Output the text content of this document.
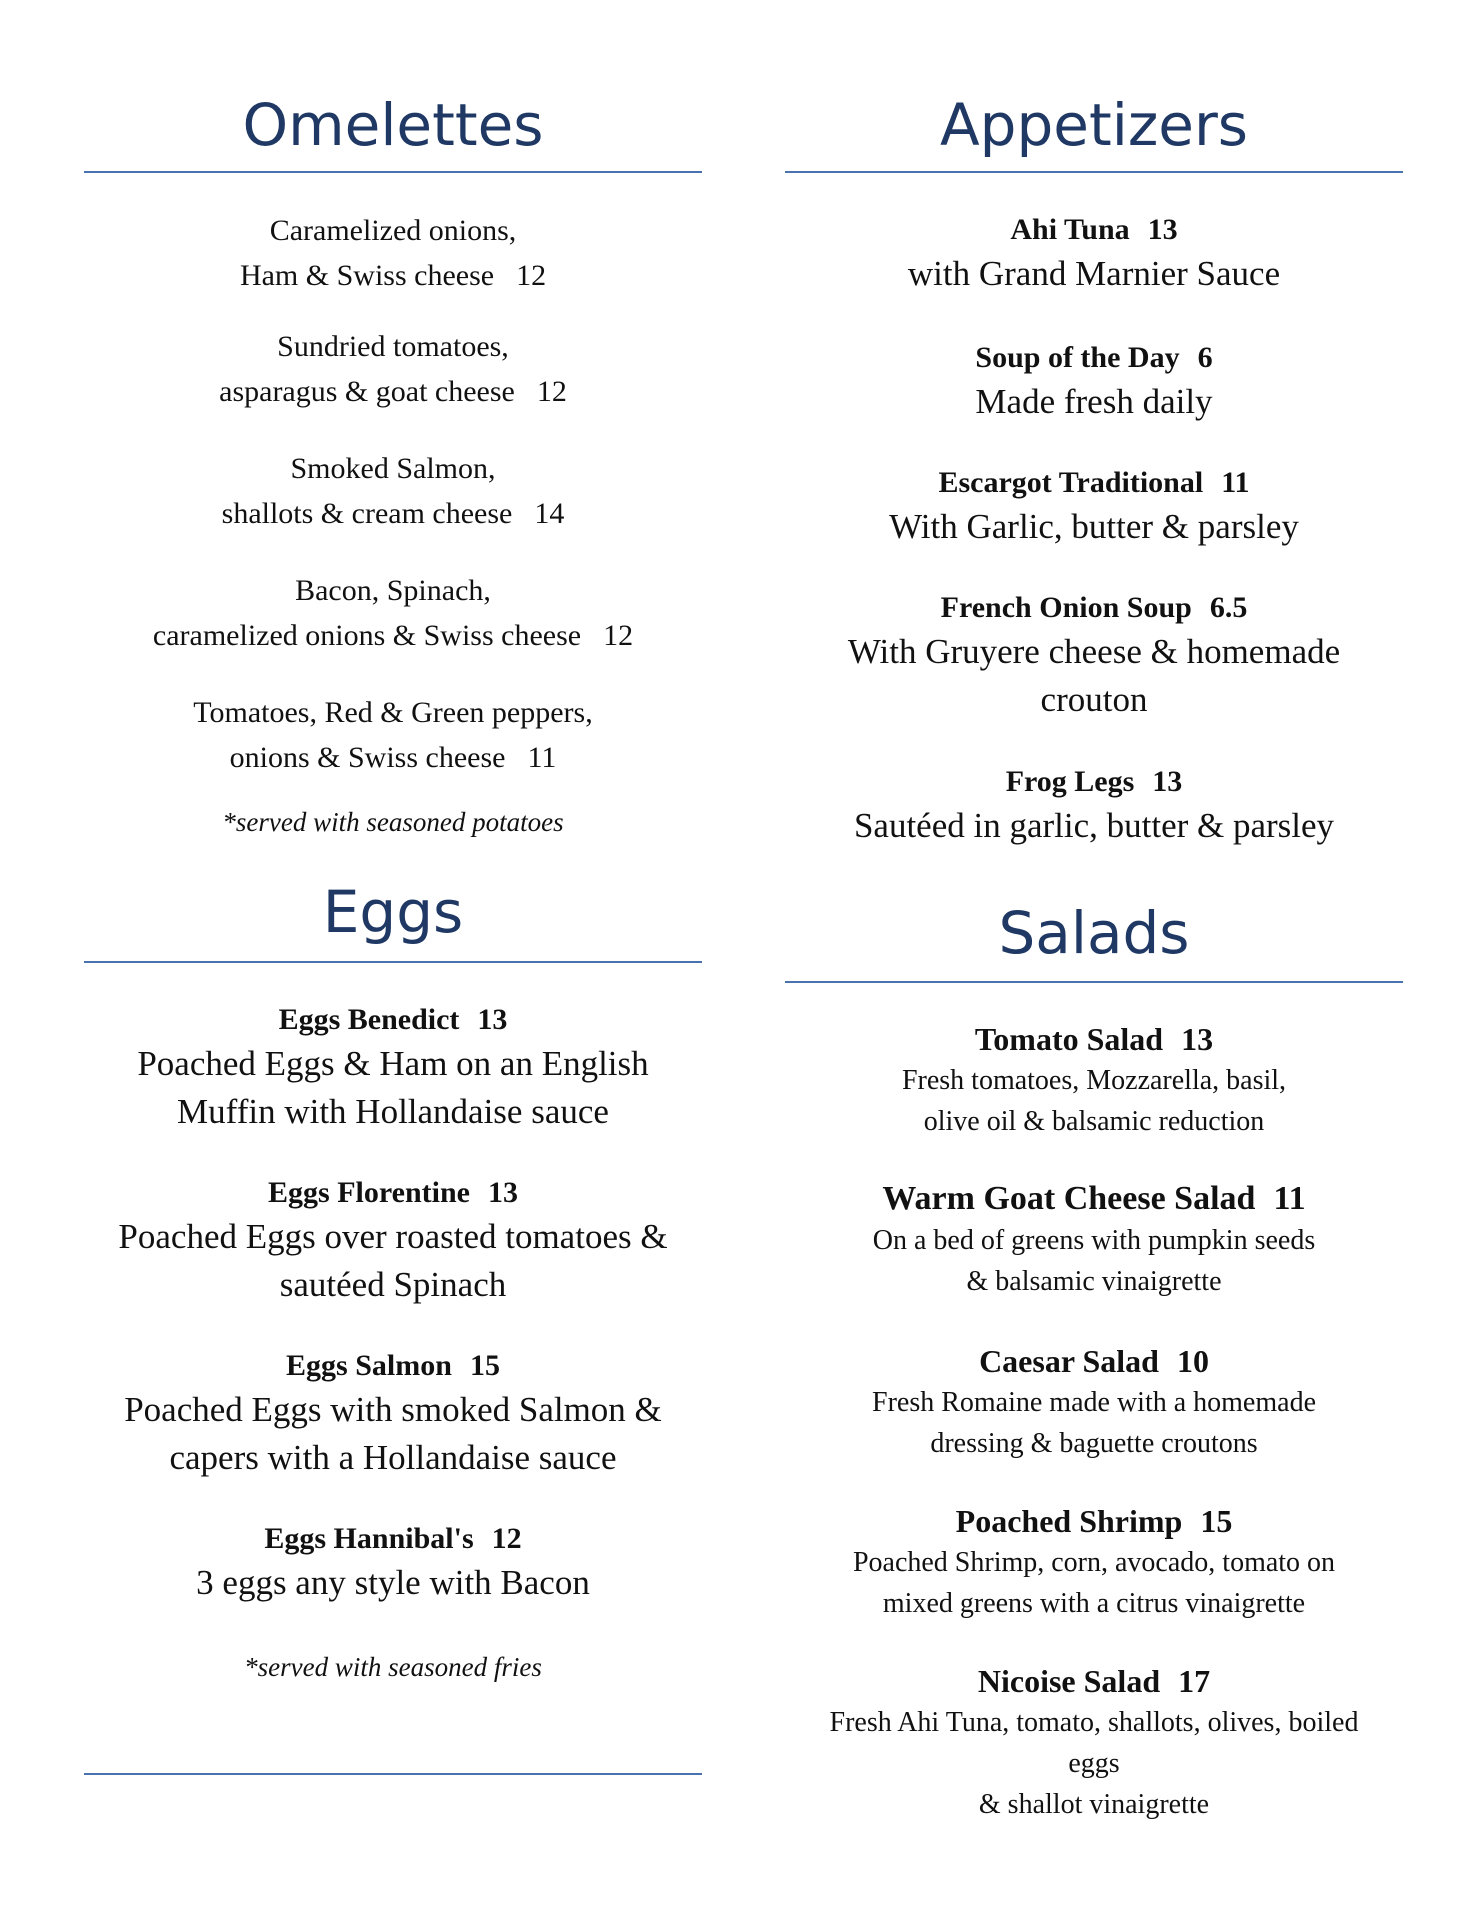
Omelettes
Caramelized onions,
Ham & Swiss cheese 12
Sundried tomatoes,
asparagus & goat cheese 12
Smoked Salmon,
shallots & cream cheese 14
Bacon, Spinach,
caramelized onions & Swiss cheese 12
Tomatoes, Red & Green peppers,
onions & Swiss cheese 11
*served with seasoned potatoes
Eggs
Eggs Benedict 13
Poached Eggs & Ham on an English
Muffin with Hollandaise sauce
Eggs Florentine 13
Poached Eggs over roasted tomatoes &
sautéed Spinach
Eggs Salmon 15
Poached Eggs with smoked Salmon &
capers with a Hollandaise sauce
Eggs Hannibal's 12
3 eggs any style with Bacon
*served with seasoned fries
Appetizers
Ahi Tuna 13
with Grand Marnier Sauce
Soup of the Day 6
Made fresh daily
Escargot Traditional 11
With Garlic, butter & parsley
French Onion Soup 6.5
With Gruyere cheese & homemade
crouton
Frog Legs 13
Sautéed in garlic, butter & parsley
Salads
Tomato Salad 13
Fresh tomatoes, Mozzarella, basil,
olive oil & balsamic reduction
Warm Goat Cheese Salad 11
On a bed of greens with pumpkin seeds
& balsamic vinaigrette
Caesar Salad 10
Fresh Romaine made with a homemade
dressing & baguette croutons
Poached Shrimp 15
Poached Shrimp, corn, avocado, tomato on
mixed greens with a citrus vinaigrette
Nicoise Salad 17
Fresh Ahi Tuna, tomato, shallots, olives, boiled
eggs
& shallot vinaigrette
